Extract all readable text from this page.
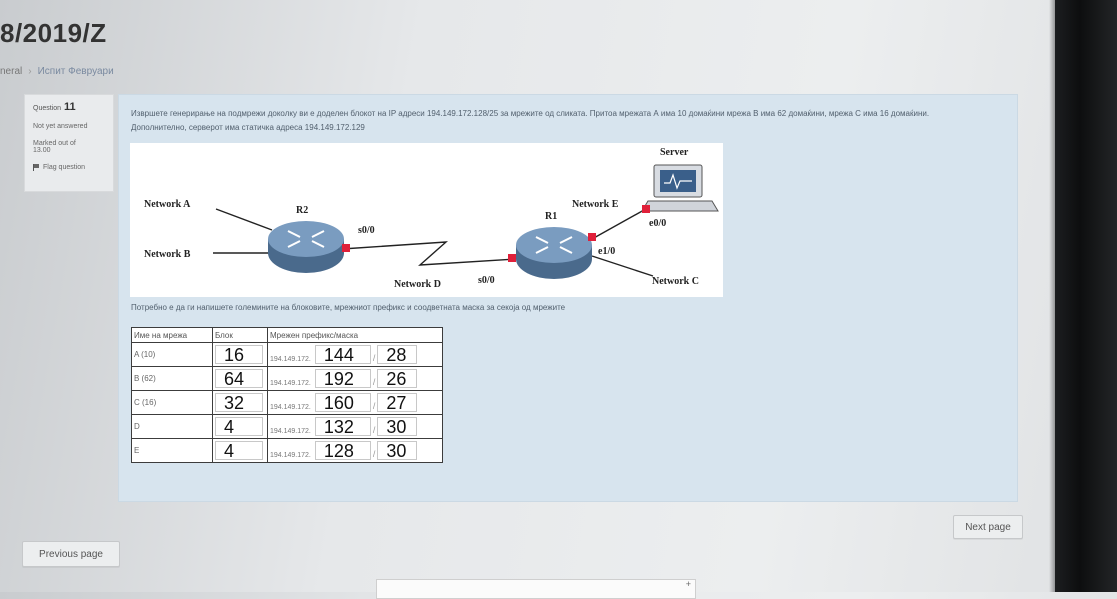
8/2019/Z
neral › Испит Февруари
Question 11
Not yet answered
Marked out of
13.00
Flag question
Извршете генерирање на подмрежи доколку ви е доделен блокот на IP адреси 194.149.172.128/25 за мрежите од сликата. Притоа мрежата А има 10 домаќини мрежа B има 62 домаќини, мрежа C има 16 домаќини. Дополнително, серверот има статичка адреса 194.149.172.129
Server
Network A
Network B
Network C
Network D
Network E
R1
R2
s0/0
s0/0
e0/0
e1/0
Потребно е да ги напишете големините на блоковите, мрежниот префикс и соодветната маска за секоја од мрежите
Име на мрежа	Блок	Мрежен префикс/маска
A (10)	16	194.149.172. 144 / 28
B (62)	64	194.149.172. 192 / 26
C (16)	32	194.149.172. 160 / 27
D	4	194.149.172. 132 / 30
E	4	194.149.172. 128 / 30
Next page
Previous page
+
